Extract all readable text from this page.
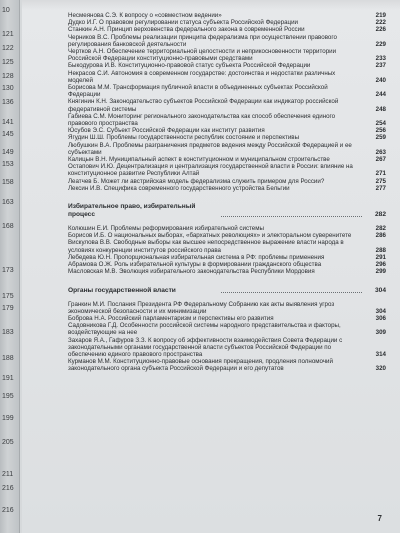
10
121
122
125
128
130
136
141
145
149
153
158
163
168
173
175
179
183
188
191
195
199
205
211
216
216
Несмеянова С.Э. К вопросу о «совместном ведении»	219
Дудко И.Г. О правовом регулировании статуса субъекта Российской Федерации	222
Станкин А.Н. Принцип верховенства федерального закона в современной России	226
Черников В.С. Проблемы реализации принципа федерализма при осуществлении правового регулирования банковской деятельности	229
Чертков А.Н. Обеспечение территориальной целостности и неприкосновенности территории Российской Федерации конституционно-правовыми средствами	233
Быкодурова И.В. Конституционно-правовой статус субъекта Российской Федерации	237
Некрасов С.И. Автономия в современном государстве: достоинства и недостатки различных моделей	240
Борисова М.М. Трансформация публичной власти в объединенных субъектах Российской Федерации	244
Княгинин К.Н. Законодательство субъектов Российской Федерации как индикатор российской федеративной системы	248
Габиева С.М. Мониторинг регионального законодательства как способ обеспечения единого правового пространства	254
Юсубов Э.С. Субъект Российской Федерации как институт развития	256
Ягудин Ш.Ш. Проблемы государственности республик состояние и перспективы	259
Любушкин В.А. Проблемы разграничения предметов ведения между Российской Федерацией и ее субъектами	263
Калицын В.Н. Муниципальный аспект в конституционном и муниципальном строительстве	267
Остапович И.Ю. Децентрализация и централизация государственной власти в России: влияние на конституционное развитие Республики Алтай	271
Леатчев Б. Может ли австрийская модель федерализма служить примером для России?	275
Лексин И.В. Специфика современного государственного устройства Бельгии	277
Избирательное право, избирательный процесс	282
Колюшин Е.И. Проблемы реформирования избирательной системы	282
Борисов И.Б. О национальных выборах, «бархатных революциях» и электоральном суверенитете	286
Вискулова В.В. Свободные выборы как высшее непосредственное выражение власти народа в условиях конкуренции институтов российского права	288
Лебедева Ю.Н. Пропорциональная избирательная система в РФ: проблемы применения	291
Абрамова О.Ж. Роль избирательной культуры в формировании гражданского общества	296
Масловская М.В. Эволюция избирательного законодательства Республики Мордовия	299
Органы государственной власти	304
Гранкин М.И. Послания Президента РФ Федеральному Собранию как акты выявления угроз экономической безопасности и их минимизации	304
Боброва Н.А. Российский парламентаризм и перспективы его развития	306
Садовникова Г.Д. Особенности российской системы народного представительства и факторы, воздействующие на нее	309
Захаров Я.А., Гафуров З.З. К вопросу об эффективности взаимодействия Совета Федерации с законодательными органами государственной власти субъектов Российской Федерации по обеспечению единого правового пространства	314
Курманов М.М. Конституционно-правовые основания прекращения, продления полномочий законодательного органа субъекта Российской Федерации и его депутатов	320
7
